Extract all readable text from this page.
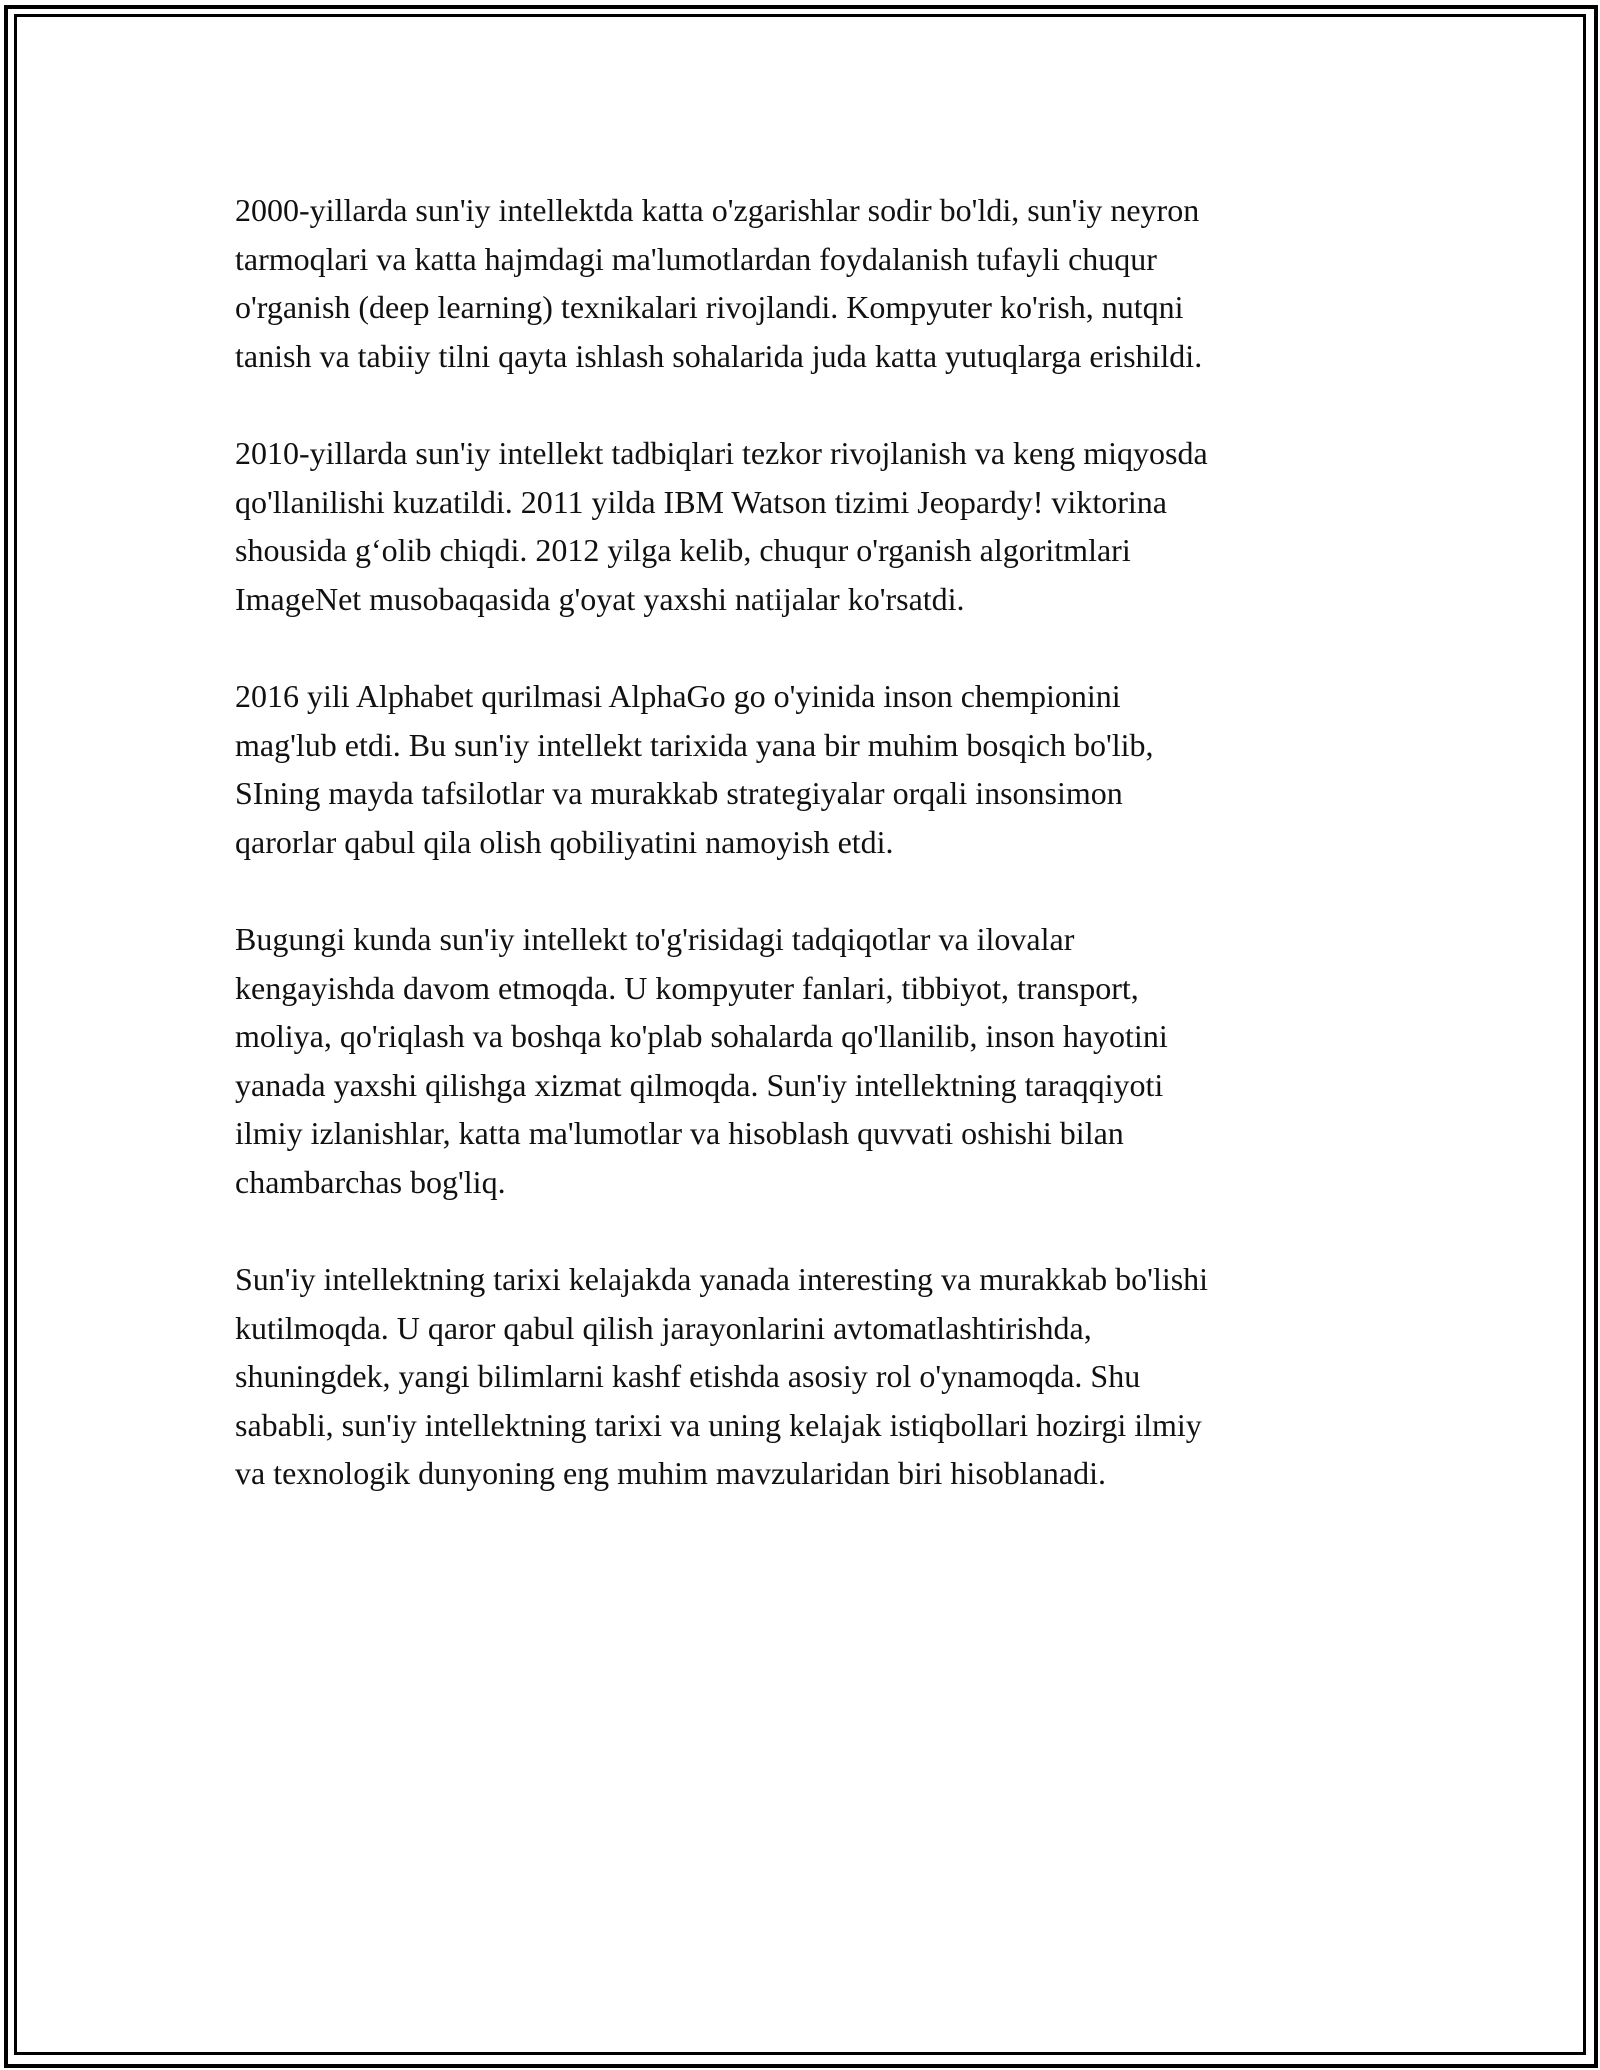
2000-yillarda sun'iy intellektda katta o'zgarishlar sodir bo'ldi, sun'iy neyron
tarmoqlari va katta hajmdagi ma'lumotlardan foydalanish tufayli chuqur
o'rganish (deep learning) texnikalari rivojlandi. Kompyuter ko'rish, nutqni
tanish va tabiiy tilni qayta ishlash sohalarida juda katta yutuqlarga erishildi.

2010-yillarda sun'iy intellekt tadbiqlari tezkor rivojlanish va keng miqyosda
qo'llanilishi kuzatildi. 2011 yilda IBM Watson tizimi Jeopardy! viktorina
shousida g‘olib chiqdi. 2012 yilga kelib, chuqur o'rganish algoritmlari
ImageNet musobaqasida g'oyat yaxshi natijalar ko'rsatdi.

2016 yili Alphabet qurilmasi AlphaGo go o'yinida inson chempionini
mag'lub etdi. Bu sun'iy intellekt tarixida yana bir muhim bosqich bo'lib,
SIning mayda tafsilotlar va murakkab strategiyalar orqali insonsimon
qarorlar qabul qila olish qobiliyatini namoyish etdi.

Bugungi kunda sun'iy intellekt to'g'risidagi tadqiqotlar va ilovalar
kengayishda davom etmoqda. U kompyuter fanlari, tibbiyot, transport,
moliya, qo'riqlash va boshqa ko'plab sohalarda qo'llanilib, inson hayotini
yanada yaxshi qilishga xizmat qilmoqda. Sun'iy intellektning taraqqiyoti
ilmiy izlanishlar, katta ma'lumotlar va hisoblash quvvati oshishi bilan
chambarchas bog'liq.

Sun'iy intellektning tarixi kelajakda yanada interesting va murakkab bo'lishi
kutilmoqda. U qaror qabul qilish jarayonlarini avtomatlashtirishda,
shuningdek, yangi bilimlarni kashf etishda asosiy rol o'ynamoqda. Shu
sababli, sun'iy intellektning tarixi va uning kelajak istiqbollari hozirgi ilmiy
va texnologik dunyoning eng muhim mavzularidan biri hisoblanadi.
